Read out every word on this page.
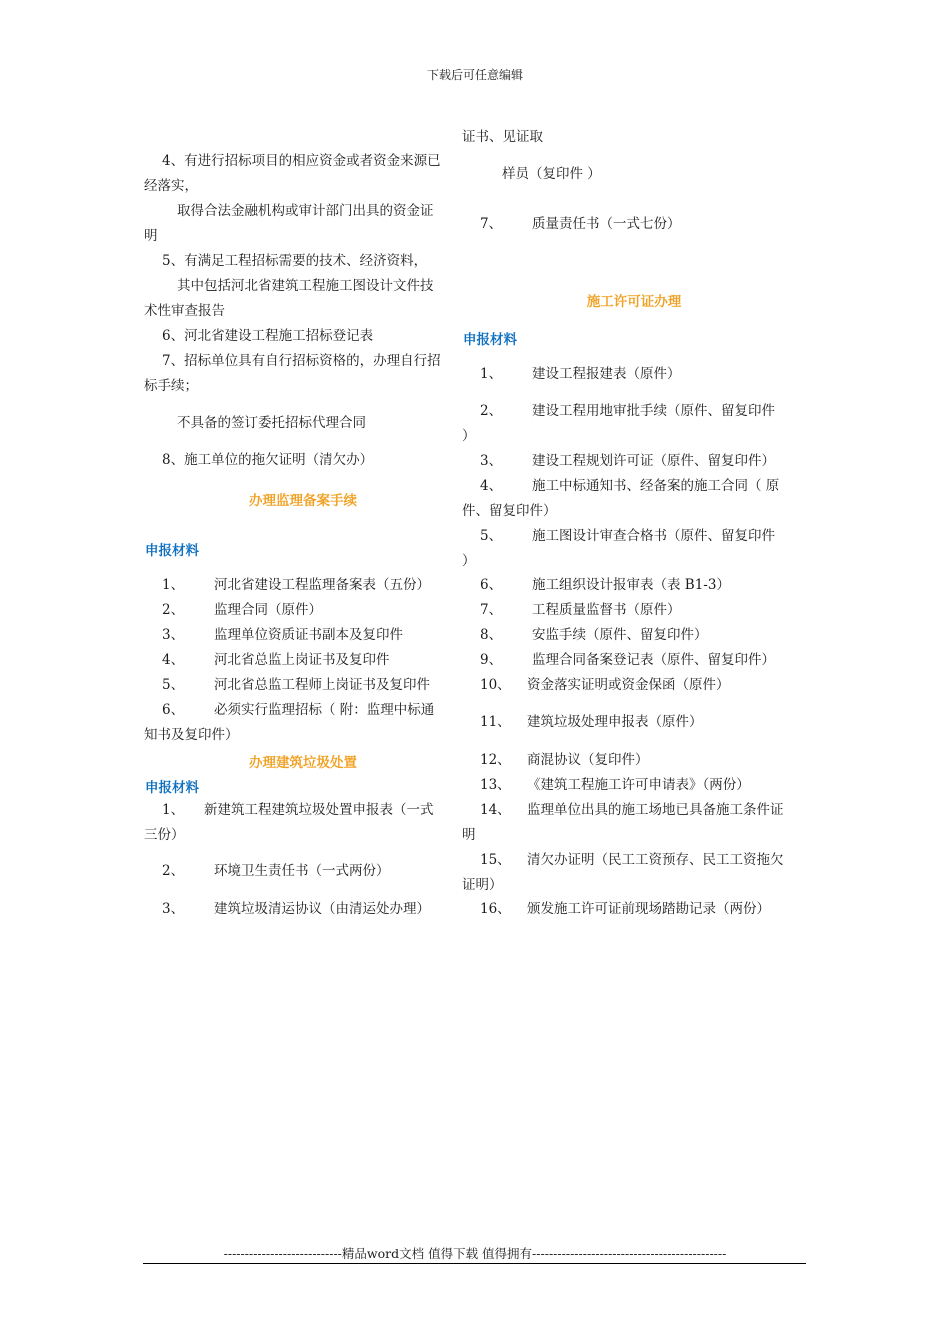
下载后可任意编辑
4、有进行招标项目的相应资金或者资金来源已
经落实，
取得合法金融机构或审计部门出具的资金证
明
5、有满足工程招标需要的技术、经济资料，
其中包括河北省建筑工程施工图设计文件技
术性审查报告
6、河北省建设工程施工招标登记表
7、招标单位具有自行招标资格的，办理自行招
标手续；
不具备的签订委托招标代理合同
8、施工单位的拖欠证明（清欠办）
办理监理备案手续
申报材料
1、 河北省建设工程监理备案表（五份）
2、 监理合同（原件）
3、 监理单位资质证书副本及复印件
4、 河北省总监上岗证书及复印件
5、 河北省总监工程师上岗证书及复印件
6、 必须实行监理招标（ 附：监理中标通
知书及复印件）
办理建筑垃圾处置
申报材料
1、 新建筑工程建筑垃圾处置申报表（一式
三份）
2、 环境卫生责任书（一式两份）
3、 建筑垃圾清运协议（由清运处办理）
证书、见证取
样员（复印件 ）
7、 质量责任书（一式七份）
施工许可证办理
申报材料
1、 建设工程报建表（原件）
2、 建设工程用地审批手续（原件、留复印件
）
3、 建设工程规划许可证（原件、留复印件）
4、 施工中标通知书、经备案的施工合同（ 原
件、留复印件）
5、 施工图设计审查合格书（原件、留复印件
）
6、 施工组织设计报审表（表 B1-3）
7、 工程质量监督书（原件）
8、 安监手续（原件、留复印件）
9、 监理合同备案登记表（原件、留复印件）
10、 资金落实证明或资金保函（原件）
11、 建筑垃圾处理申报表（原件）
12、 商混协议（复印件）
13、 《建筑工程施工许可申请表》（两份）
14、 监理单位出具的施工场地已具备施工条件证
明
15、 清欠办证明（民工工资预存、民工工资拖欠
证明）
16、 颁发施工许可证前现场踏勘记录（两份）
----------------------------精品word文档 值得下载 值得拥有----------------------------------------------
